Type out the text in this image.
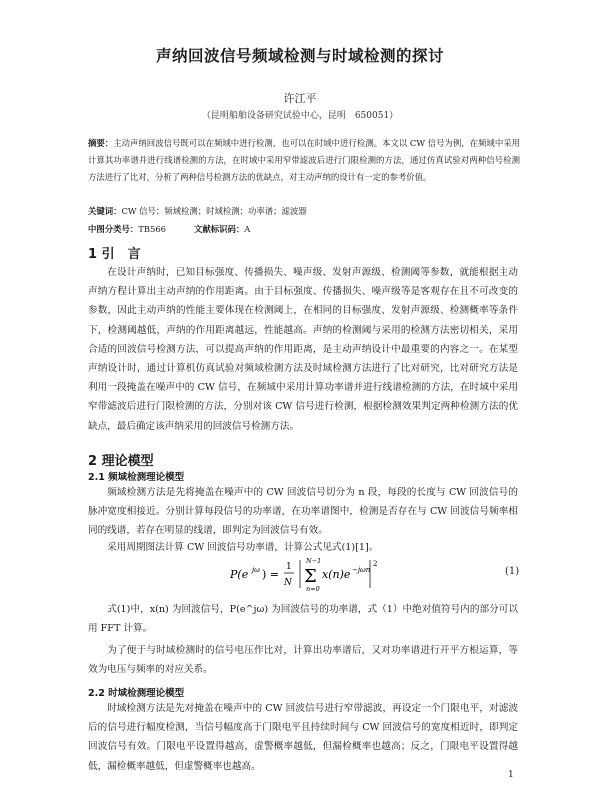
声纳回波信号频域检测与时域检测的探讨
许江平
（昆明船舶设备研究试验中心，昆明　650051）
摘要：主动声纳回波信号既可以在频域中进行检测，也可以在时域中进行检测。本文以 CW 信号为例，在频域中采用计算其功率谱并进行线谱检测的方法，在时域中采用窄带滤波后进行门限检测的方法，通过仿真试验对两种信号检测方法进行了比对，分析了两种信号检测方法的优缺点，对主动声纳的设计有一定的参考价值。
关键词：CW 信号；频域检测；时域检测；功率谱；滤波器
中图分类号：TB566	文献标识码：A
1 引　言
在设计声纳时，已知目标强度、传播损失、噪声级、发射声源级、检测阈等参数，就能根据主动声纳方程计算出主动声纳的作用距离。由于目标强度、传播损失、噪声级等是客观存在且不可改变的参数，因此主动声纳的性能主要体现在检测阈上，在相同的目标强度、发射声源级、检测概率等条件下，检测阈越低，声纳的作用距离越远，性能越高。声纳的检测阈与采用的检测方法密切相关，采用合适的回波信号检测方法，可以提高声纳的作用距离，是主动声纳设计中最重要的内容之一。在某型声纳设计时，通过计算机仿真试验对频域检测方法及时域检测方法进行了比对研究，比对研究方法是利用一段掩盖在噪声中的 CW 信号，在频域中采用计算功率谱并进行线谱检测的方法，在时域中采用窄带滤波后进行门限检测的方法，分别对该 CW 信号进行检测，根据检测效果判定两种检测方法的优缺点，最后确定该声纳采用的回波信号检测方法。
2 理论模型
2.1 频域检测理论模型
频域检测方法是先将掩盖在噪声中的 CW 回波信号切分为 n 段，每段的长度与 CW 回波信号的脉冲宽度相接近。分别计算每段信号的功率谱，在功率谱图中，检测是否存在与 CW 回波信号频率相同的线谱，若存在明显的线谱，即判定为回波信号有效。
采用周期图法计算 CW 回波信号功率谱，计算公式见式(1)[1]。
P(e jω ) =
1
N
N−1
Σ
n=0
x(n)e −jωn
2
(1)
式(1)中，x(n) 为回波信号，P(e^jω) 为回波信号的功率谱，式（1）中绝对值符号内的部分可以用 FFT 计算。
为了便于与时域检测时的信号电压作比对，计算出功率谱后，又对功率谱进行开平方根运算，等效为电压与频率的对应关系。
2.2 时域检测理论模型
时域检测方法是先对掩盖在噪声中的 CW 回波信号进行窄带滤波，再设定一个门限电平，对滤波后的信号进行幅度检测，当信号幅度高于门限电平且持续时间与 CW 回波信号的宽度相近时，即判定回波信号有效。门限电平设置得越高，虚警概率越低，但漏检概率也越高；反之，门限电平设置得越低，漏检概率越低，但虚警概率也越高。
1
